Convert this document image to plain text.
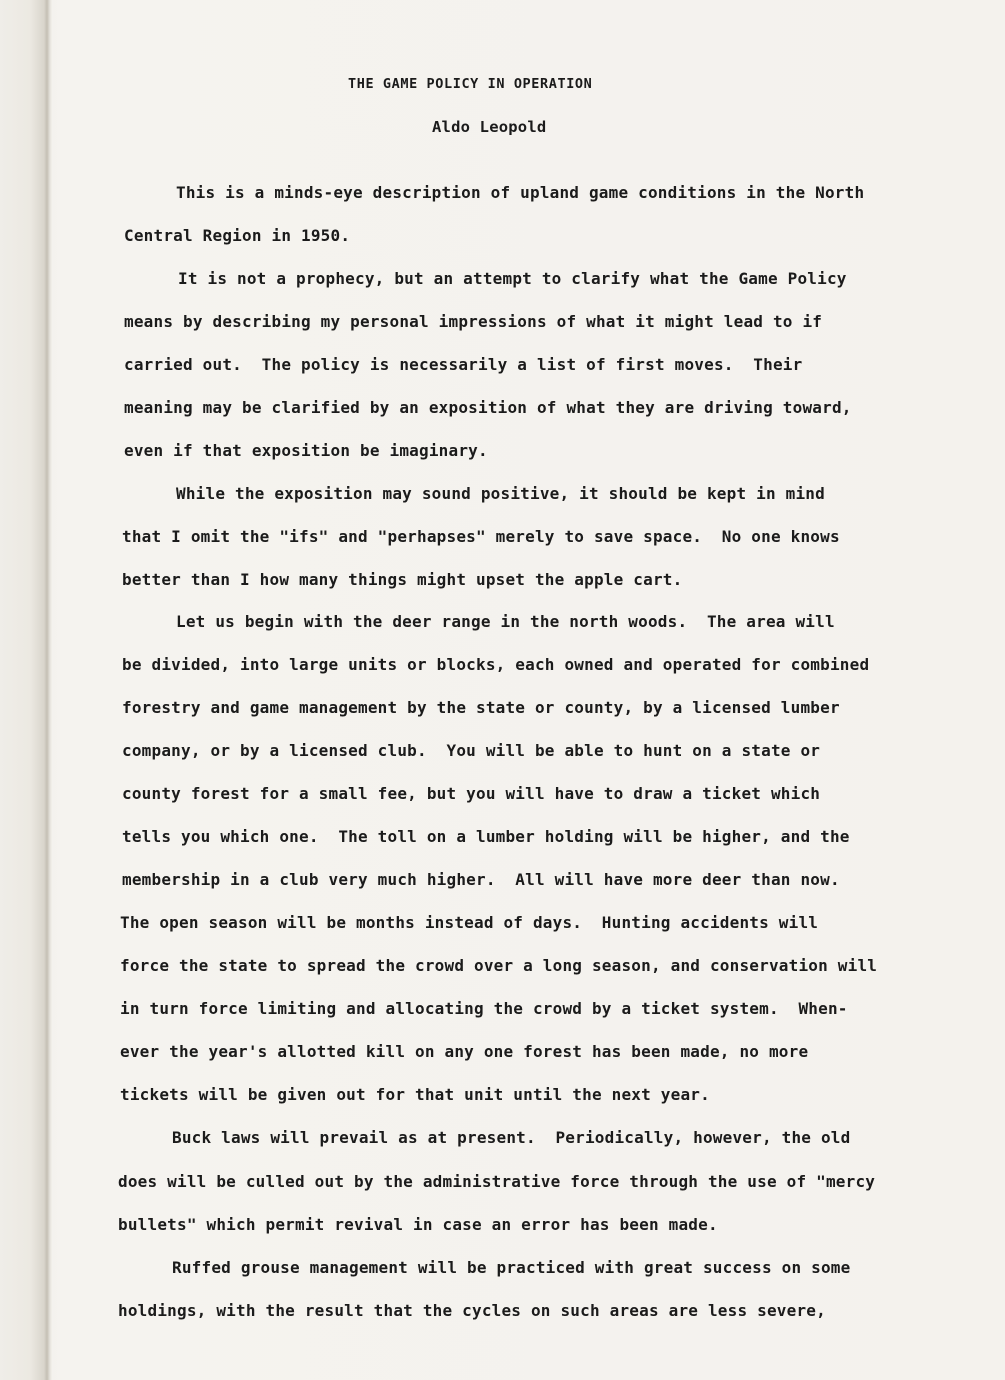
THE GAME POLICY IN OPERATION
Aldo Leopold
This is a minds-eye description of upland game conditions in the North
Central Region in 1950.
It is not a prophecy, but an attempt to clarify what the Game Policy
means by describing my personal impressions of what it might lead to if
carried out.  The policy is necessarily a list of first moves.  Their
meaning may be clarified by an exposition of what they are driving toward,
even if that exposition be imaginary.
While the exposition may sound positive, it should be kept in mind
that I omit the "ifs" and "perhapses" merely to save space.  No one knows
better than I how many things might upset the apple cart.
Let us begin with the deer range in the north woods.  The area will
be divided, into large units or blocks, each owned and operated for combined
forestry and game management by the state or county, by a licensed lumber
company, or by a licensed club.  You will be able to hunt on a state or
county forest for a small fee, but you will have to draw a ticket which
tells you which one.  The toll on a lumber holding will be higher, and the
membership in a club very much higher.  All will have more deer than now.
The open season will be months instead of days.  Hunting accidents will
force the state to spread the crowd over a long season, and conservation will
in turn force limiting and allocating the crowd by a ticket system.  When-
ever the year's allotted kill on any one forest has been made, no more
tickets will be given out for that unit until the next year.
Buck laws will prevail as at present.  Periodically, however, the old
does will be culled out by the administrative force through the use of "mercy
bullets" which permit revival in case an error has been made.
Ruffed grouse management will be practiced with great success on some
holdings, with the result that the cycles on such areas are less severe,
